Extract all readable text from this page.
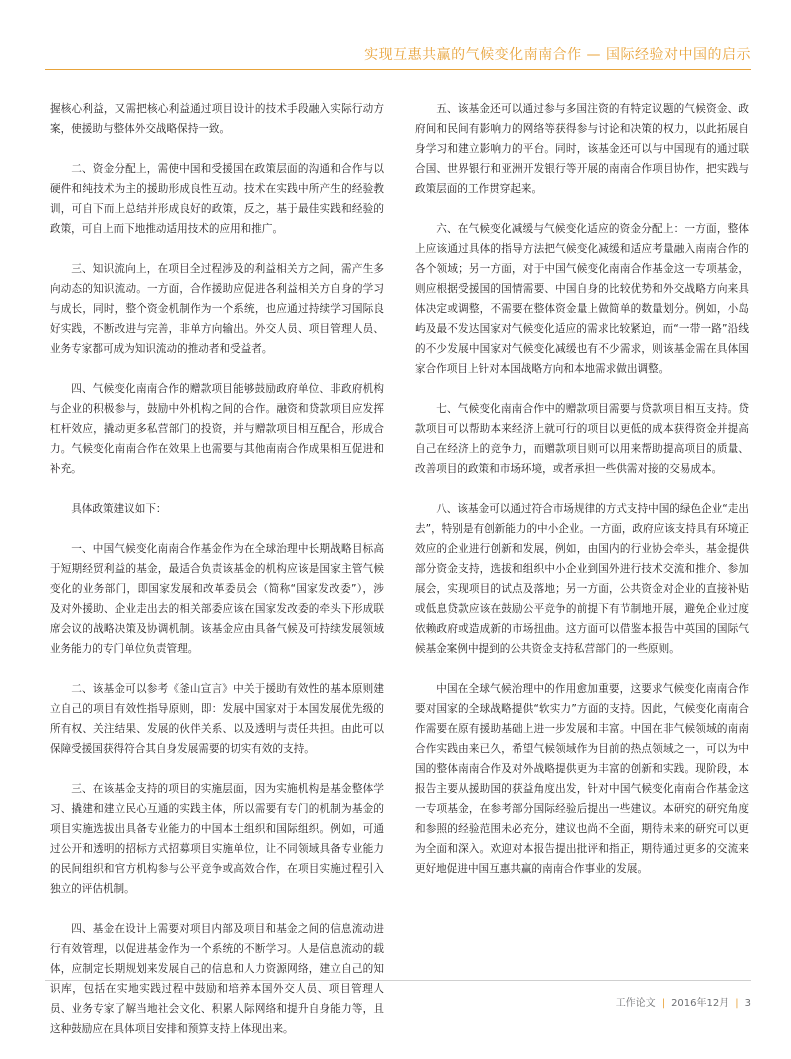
实现互惠共赢的气候变化南南合作 — 国际经验对中国的启示

握核心利益，又需把核心利益通过项目设计的技术手段融入实际行动方案，使援助与整体外交战略保持一致。

二、资金分配上，需使中国和受援国在政策层面的沟通和合作与以硬件和纯技术为主的援助形成良性互动。技术在实践中所产生的经验教训，可自下而上总结并形成良好的政策，反之，基于最佳实践和经验的政策，可自上而下地推动适用技术的应用和推广。

三、知识流向上，在项目全过程涉及的利益相关方之间，需产生多向动态的知识流动。一方面，合作援助应促进各利益相关方自身的学习与成长，同时，整个资金机制作为一个系统，也应通过持续学习国际良好实践，不断改进与完善，非单方向输出。外交人员、项目管理人员、业务专家都可成为知识流动的推动者和受益者。

四、气候变化南南合作的赠款项目能够鼓励政府单位、非政府机构与企业的积极参与，鼓励中外机构之间的合作。融资和贷款项目应发挥杠杆效应，撬动更多私营部门的投资，并与赠款项目相互配合，形成合力。气候变化南南合作在效果上也需要与其他南南合作成果相互促进和补充。

具体政策建议如下：

一、中国气候变化南南合作基金作为在全球治理中长期战略目标高于短期经贸利益的基金，最适合负责该基金的机构应该是国家主管气候变化的业务部门，即国家发展和改革委员会（简称“国家发改委”），涉及对外援助、企业走出去的相关部委应该在国家发改委的牵头下形成联席会议的战略决策及协调机制。该基金应由具备气候及可持续发展领域业务能力的专门单位负责管理。

二、该基金可以参考《釜山宣言》中关于援助有效性的基本原则建立自己的项目有效性指导原则，即：发展中国家对于本国发展优先级的所有权、关注结果、发展的伙伴关系、以及透明与责任共担。由此可以保障受援国获得符合其自身发展需要的切实有效的支持。

三、在该基金支持的项目的实施层面，因为实施机构是基金整体学习、撬建和建立民心互通的实践主体，所以需要有专门的机制为基金的项目实施选拔出具备专业能力的中国本土组织和国际组织。例如，可通过公开和透明的招标方式招募项目实施单位，让不同领域具备专业能力的民间组织和官方机构参与公平竞争或高效合作，在项目实施过程引入独立的评估机制。

四、基金在设计上需要对项目内部及项目和基金之间的信息流动进行有效管理，以促进基金作为一个系统的不断学习。人是信息流动的载体，应制定长期规划来发展自己的信息和人力资源网络，建立自己的知识库，包括在实地实践过程中鼓励和培养本国外交人员、项目管理人员、业务专家了解当地社会文化、积累人际网络和提升自身能力等，且这种鼓励应在具体项目安排和预算支持上体现出来。

五、该基金还可以通过参与多国注资的有特定议题的气候资金、政府间和民间有影响力的网络等获得参与讨论和决策的权力，以此拓展自身学习和建立影响力的平台。同时，该基金还可以与中国现有的通过联合国、世界银行和亚洲开发银行等开展的南南合作项目协作，把实践与政策层面的工作贯穿起来。

六、在气候变化减缓与气候变化适应的资金分配上：一方面，整体上应该通过具体的指导方法把气候变化减缓和适应考量融入南南合作的各个领域；另一方面，对于中国气候变化南南合作基金这一专项基金，则应根据受援国的国情需要、中国自身的比较优势和外交战略方向来具体决定或调整，不需要在整体资金量上做简单的数量划分。例如，小岛屿及最不发达国家对气候变化适应的需求比较紧迫，而“一带一路”沿线的不少发展中国家对气候变化减缓也有不少需求，则该基金需在具体国家合作项目上针对本国战略方向和本地需求做出调整。

七、气候变化南南合作中的赠款项目需要与贷款项目相互支持。贷款项目可以帮助本来经济上就可行的项目以更低的成本获得资金并提高自己在经济上的竞争力，而赠款项目则可以用来帮助提高项目的质量、改善项目的政策和市场环境，或者承担一些供需对接的交易成本。

八、该基金可以通过符合市场规律的方式支持中国的绿色企业“走出去”，特别是有创新能力的中小企业。一方面，政府应该支持具有环境正效应的企业进行创新和发展，例如，由国内的行业协会牵头，基金提供部分资金支持，选拔和组织中小企业到国外进行技术交流和推介、参加展会，实现项目的试点及落地；另一方面，公共资金对企业的直接补贴或低息贷款应该在鼓励公平竞争的前提下有节制地开展，避免企业过度依赖政府或造成新的市场扭曲。这方面可以借鉴本报告中英国的国际气候基金案例中提到的公共资金支持私营部门的一些原则。

中国在全球气候治理中的作用愈加重要，这要求气候变化南南合作要对国家的全球战略提供“软实力”方面的支持。因此，气候变化南南合作需要在原有援助基础上进一步发展和丰富。中国在非气候领域的南南合作实践由来已久，希望气候领域作为目前的热点领域之一，可以为中国的整体南南合作及对外战略提供更为丰富的创新和实践。现阶段，本报告主要从援助国的获益角度出发，针对中国气候变化南南合作基金这一专项基金，在参考部分国际经验后提出一些建议。本研究的研究角度和参照的经验范围未必充分，建议也尚不全面，期待未来的研究可以更为全面和深入。欢迎对本报告提出批评和指正，期待通过更多的交流来更好地促进中国互惠共赢的南南合作事业的发展。

工作论文 | 2016年12月 | 3
